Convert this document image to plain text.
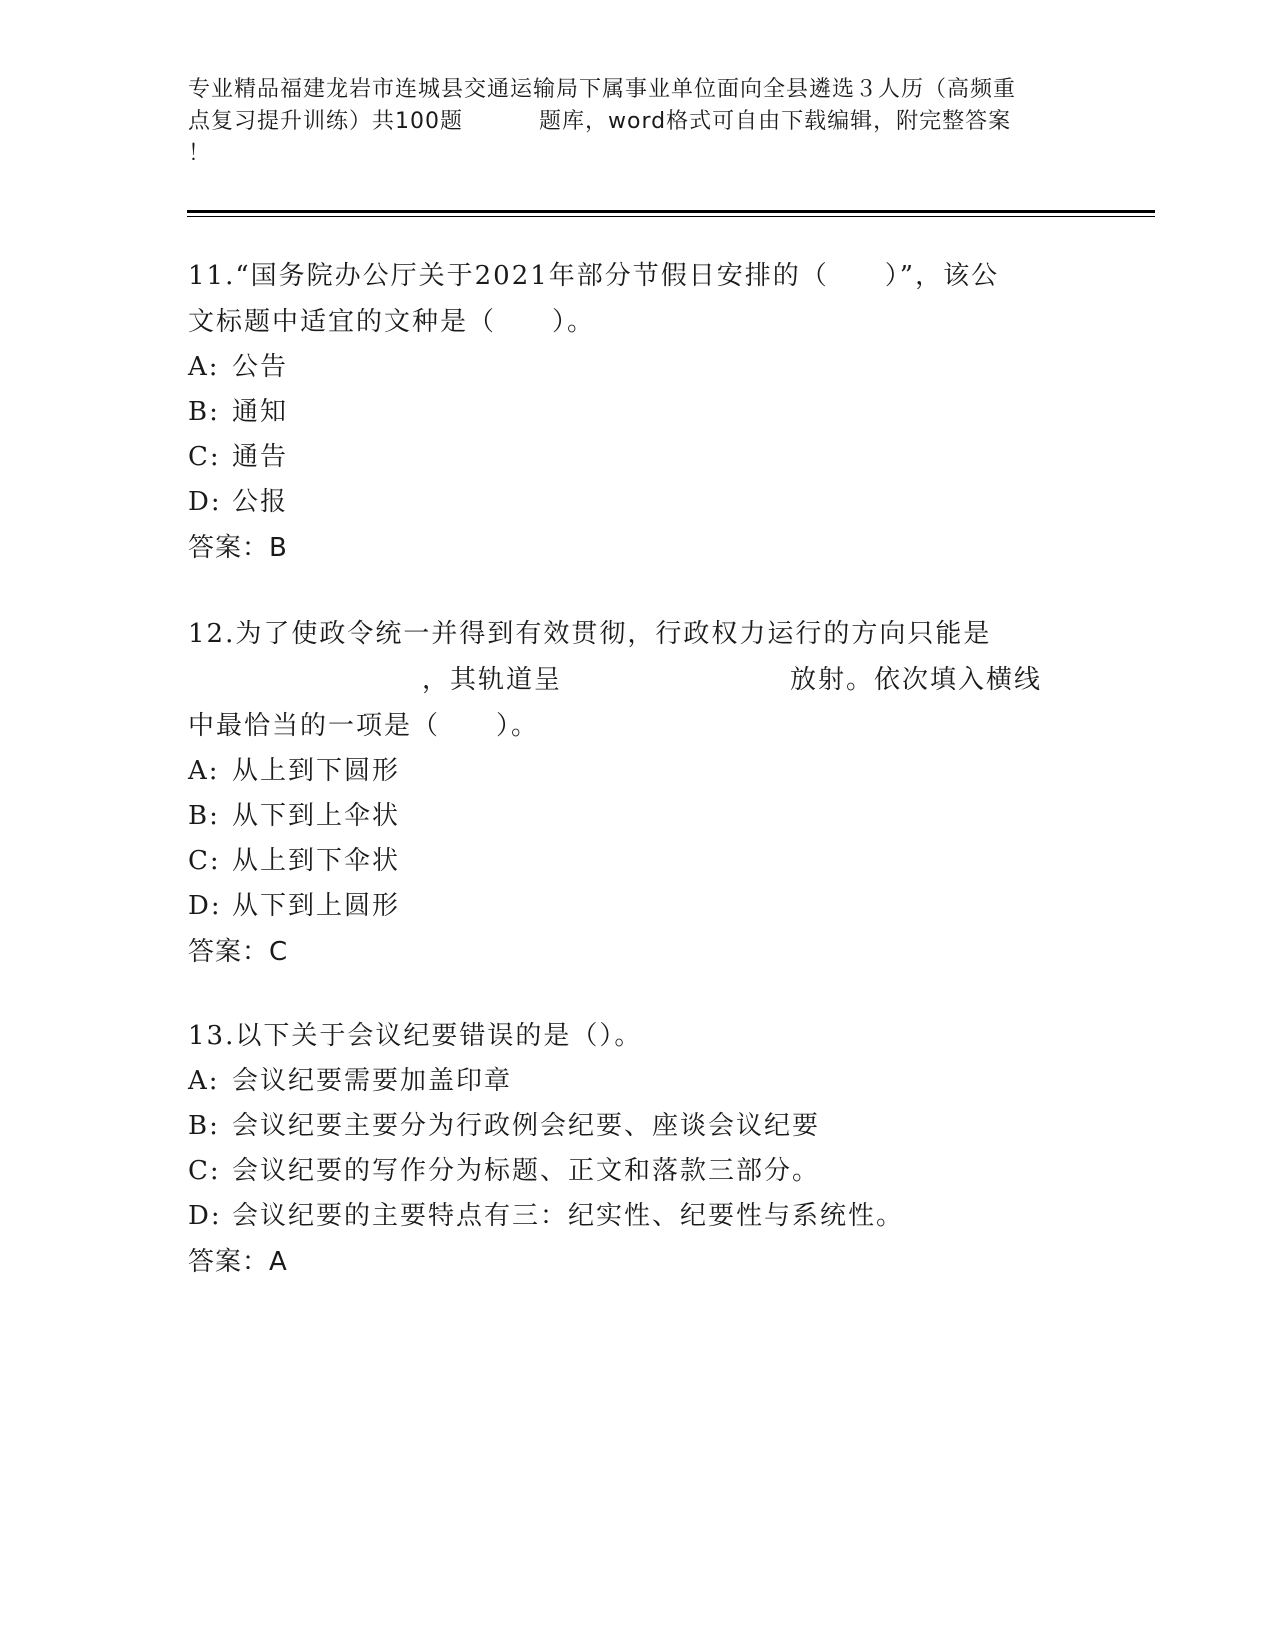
专业精品福建龙岩市连城县交通运输局下属事业单位面向全县遴选３人历（高频重
点复习提升训练）共100题	题库，word格式可自由下载编辑，附完整答案
！
11.“国务院办公厅关于2021年部分节假日安排的（　　）”，该公
文标题中适宜的文种是（　　）。
A: 公告
B: 通知
C: 通告
D: 公报
答案：B
12.为了使政令统一并得到有效贯彻，行政权力运行的方向只能是
，其轨道呈	放射。依次填入横线
中最恰当的一项是（　　）。
A: 从上到下圆形
B: 从下到上伞状
C: 从上到下伞状
D: 从下到上圆形
答案：C
13.以下关于会议纪要错误的是（）。
A: 会议纪要需要加盖印章
B: 会议纪要主要分为行政例会纪要、座谈会议纪要
C: 会议纪要的写作分为标题、正文和落款三部分。
D: 会议纪要的主要特点有三：纪实性、纪要性与系统性。
答案：A
